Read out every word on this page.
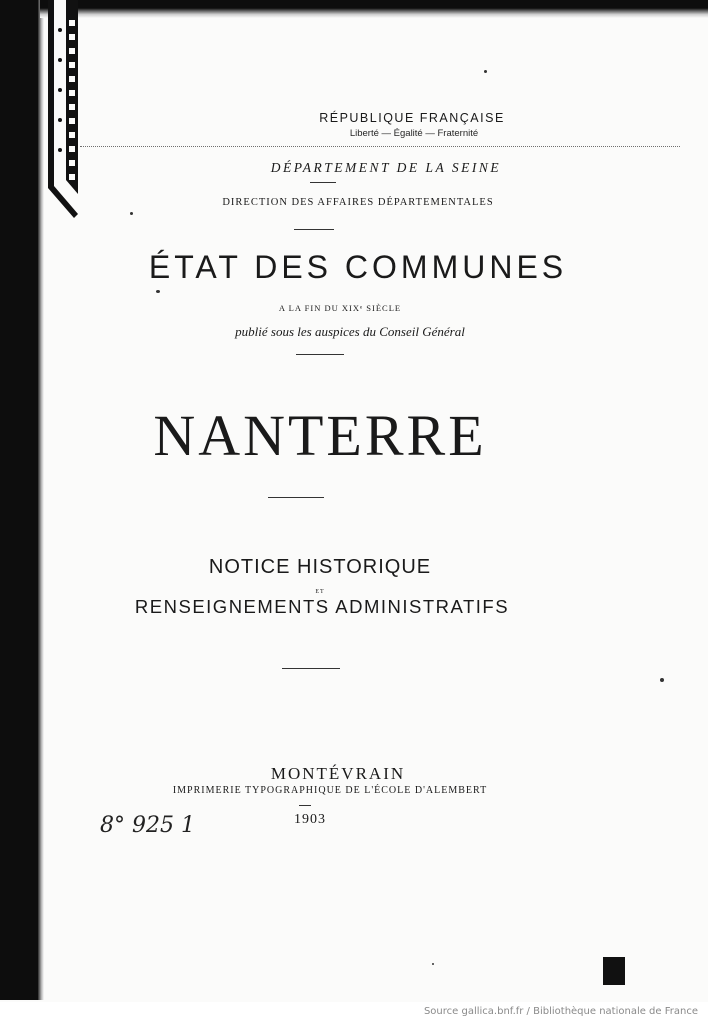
RÉPUBLIQUE FRANÇAISE
Liberté — Égalité — Fraternité
DÉPARTEMENT DE LA SEINE
DIRECTION DES AFFAIRES DÉPARTEMENTALES
ÉTAT DES COMMUNES
A LA FIN DU XIXᵉ SIÈCLE
publié sous les auspices du Conseil Général
NANTERRE
NOTICE HISTORIQUE
ET
RENSEIGNEMENTS ADMINISTRATIFS
MONTÉVRAIN
IMPRIMERIE TYPOGRAPHIQUE DE L'ÉCOLE D'ALEMBERT
1903
8° 925 1
Source gallica.bnf.fr / Bibliothèque nationale de France
